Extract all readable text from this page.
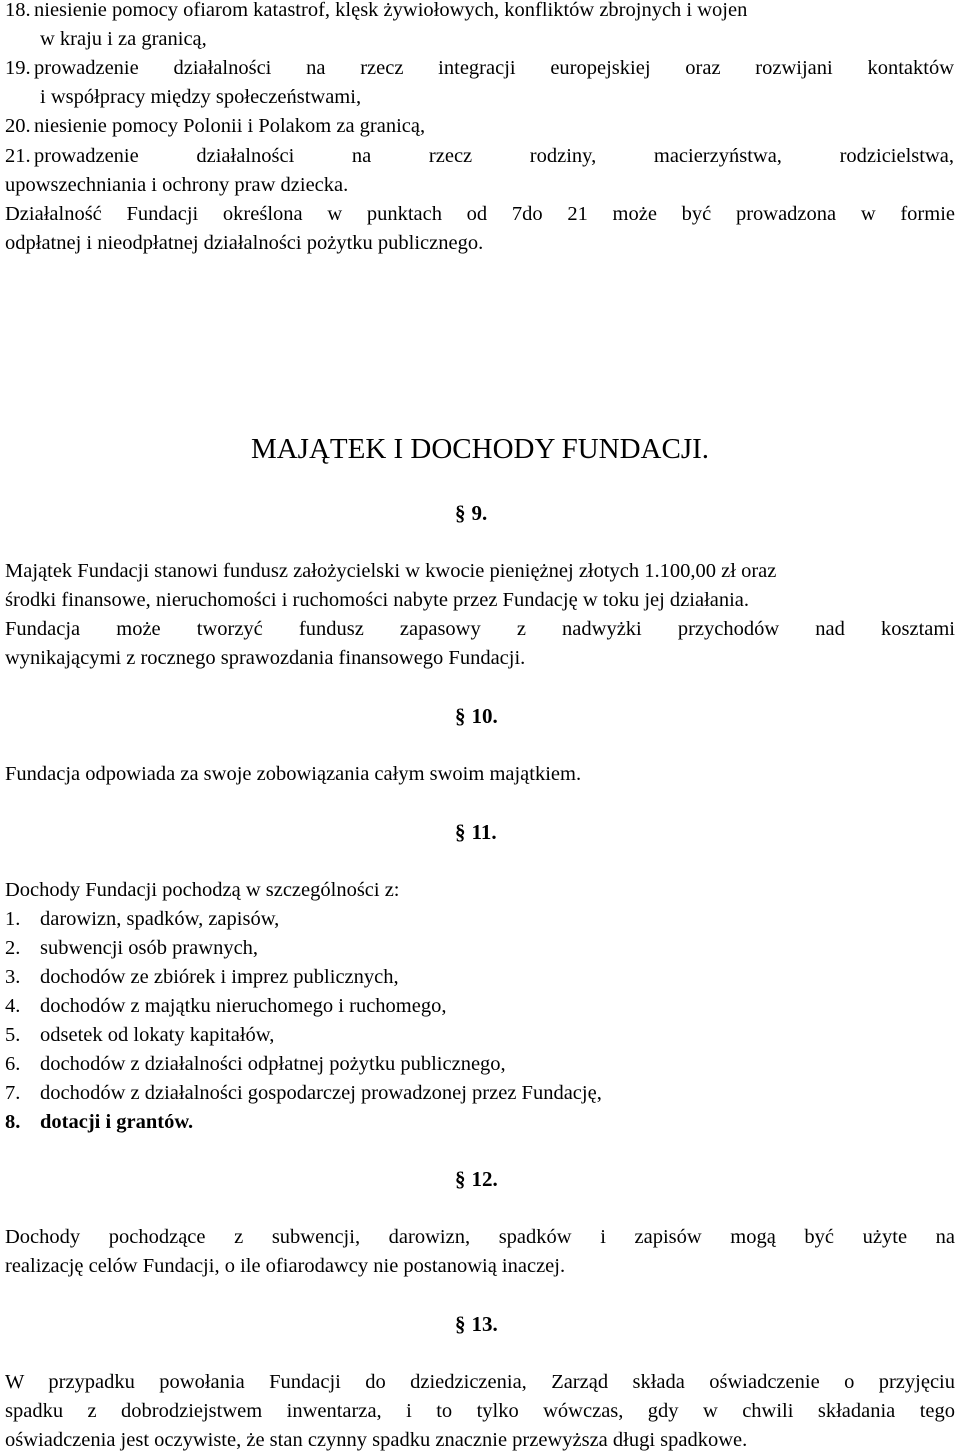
18. niesienie pomocy ofiarom katastrof, klęsk żywiołowych, konfliktów zbrojnych i wojen
w kraju i za granicą,
19. prowadzenie działalności na rzecz integracji europejskiej oraz rozwijani kontaktów
i współpracy między społeczeństwami,
20. niesienie pomocy Polonii i Polakom za granicą,
21. prowadzenie działalności na rzecz rodziny, macierzyństwa, rodzicielstwa,
upowszechniania i ochrony praw dziecka.
Działalność Fundacji określona w punktach od 7do 21 może być prowadzona w formie
odpłatnej i nieodpłatnej działalności pożytku publicznego.
MAJĄTEK I DOCHODY FUNDACJI.
§ 9.
Majątek Fundacji stanowi fundusz założycielski w kwocie pieniężnej złotych 1.100,00 zł oraz
środki finansowe, nieruchomości i ruchomości nabyte przez Fundację w toku jej działania.
Fundacja może tworzyć fundusz zapasowy z nadwyżki przychodów nad kosztami
wynikającymi z rocznego sprawozdania finansowego Fundacji.
§ 10.
Fundacja odpowiada za swoje zobowiązania całym swoim majątkiem.
§ 11.
Dochody Fundacji pochodzą w szczególności z:
1. darowizn, spadków, zapisów,
2. subwencji osób prawnych,
3. dochodów ze zbiórek i imprez publicznych,
4. dochodów z majątku nieruchomego i ruchomego,
5. odsetek od lokaty kapitałów,
6. dochodów z działalności odpłatnej pożytku publicznego,
7. dochodów z działalności gospodarczej prowadzonej przez Fundację,
8. dotacji i grantów.
§ 12.
Dochody pochodzące z subwencji, darowizn, spadków i zapisów mogą być użyte na
realizację celów Fundacji, o ile ofiarodawcy nie postanowią inaczej.
§ 13.
W przypadku powołania Fundacji do dziedziczenia, Zarząd składa oświadczenie o przyjęciu
spadku z dobrodziejstwem inwentarza, i to tylko wówczas, gdy w chwili składania tego
oświadczenia jest oczywiste, że stan czynny spadku znacznie przewyższa długi spadkowe.
